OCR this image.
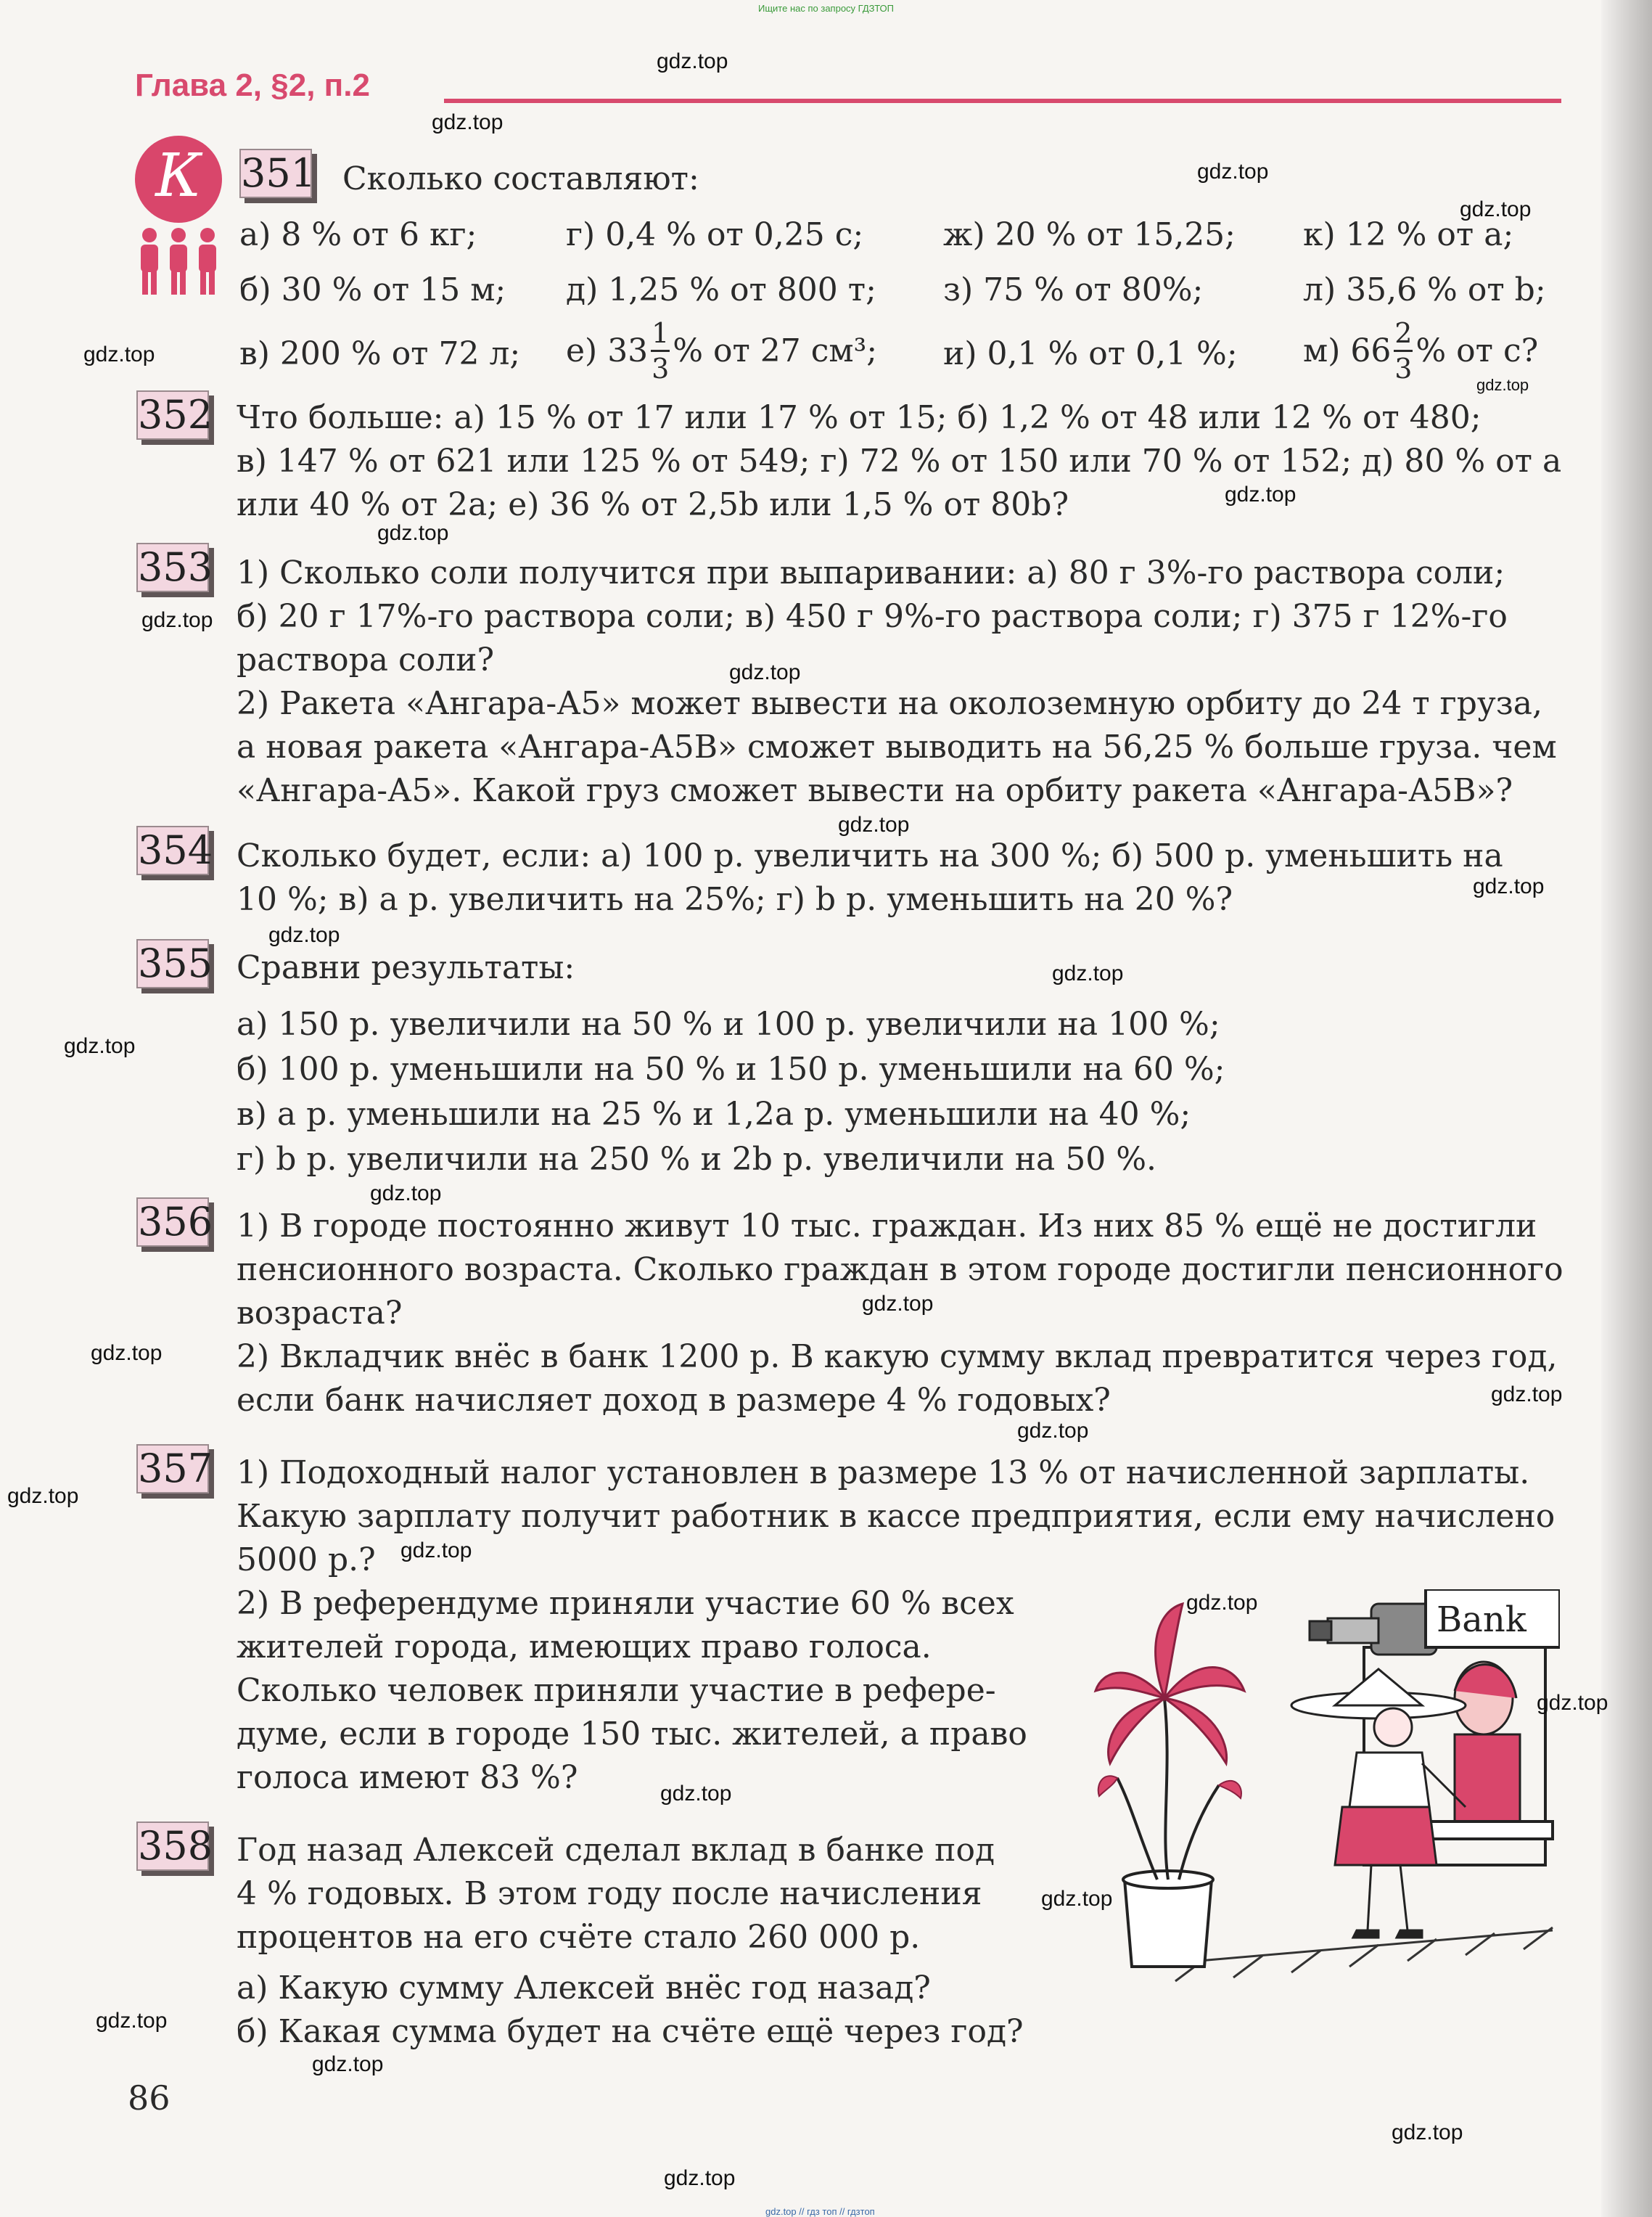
Ищите нас по запросу ГДЗТОП
Глава 2, §2, п.2
К	351 Сколько составляют:
а) 8 % от 6 кг;	г) 0,4 % от 0,25 с; ж) 20 % от 15,25; к) 12 % от a;
б) 30 % от 15 м; д) 1,25 % от 800 т; з) 75 % от 80%;	л) 35,6 % от b;
в) 200 % от 72 л; е) $33 \frac{1}{3}$ % от 27 см³; и) 0,1 % от 0,1 %; м) $66 \frac{2}{3}$ % от c?
352 Что больше: а) 15 % от 17 или 17 % от 15; б) 1,2 % от 48 или 12 % от 480;
в) 147 % от 621 или 125 % от 549; г) 72 % от 150 или 70 % от 152; д) 80 % от a
или 40 % от 2a; е) 36 % от 2,5b или 1,5 % от 80b?
353 1) Сколько соли получится при выпаривании: а) 80 г 3%-го раствора соли;
б) 20 г 17%-го раствора соли; в) 450 г 9%-го раствора соли; г) 375 г 12%-го
раствора соли?
2) Ракета «Ангара-А5» может вывести на околоземную орбиту до 24 т груза,
а новая ракета «Ангара-А5В» сможет выводить на 56,25 % больше груза. чем
«Ангара-А5». Какой груз сможет вывести на орбиту ракета «Ангара-А5В»?
354 Сколько будет, если: а) 100 р. увеличить на 300 %; б) 500 р. уменьшить на
10 %; в) a р. увеличить на 25%; г) b р. уменьшить на 20 %?
355 Сравни результаты:
а) 150 р. увеличили на 50 % и 100 р. увеличили на 100 %;
б) 100 р. уменьшили на 50 % и 150 р. уменьшили на 60 %;
в) a р. уменьшили на 25 % и 1,2a р. уменьшили на 40 %;
г) b р. увеличили на 250 % и 2b р. увеличили на 50 %.
356 1) В городе постоянно живут 10 тыс. граждан. Из них 85 % ещё не достигли
пенсионного возраста. Сколько граждан в этом городе достигли пенсионного
возраста?
2) Вкладчик внёс в банк 1200 р. В какую сумму вклад превратится через год,
если банк начисляет доход в размере 4 % годовых?
357 1) Подоходный налог установлен в размере 13 % от начисленной зарплаты.
Какую зарплату получит работник в кассе предприятия, если ему начислено
5000 р.?
2) В референдуме приняли участие 60 % всех
жителей города, имеющих право голоса.
Сколько человек приняли участие в рефере-
думе, если в городе 150 тыс. жителей, а право
голоса имеют 83 %?
358 Год назад Алексей сделал вклад в банке под
4 % годовых. В этом году после начисления
процентов на его счёте стало 260 000 р.
а) Какую сумму Алексей внёс год назад?
б) Какая сумма будет на счёте ещё через год?
86
Bank
gdz.top
gdz.top
gdz.top
gdz.top
gdz.top
gdz.top
gdz.top
gdz.top
gdz.top
gdz.top
gdz.top
gdz.top
gdz.top
gdz.top
gdz.top
gdz.top
gdz.top
gdz.top
gdz.top
gdz.top
gdz.top
gdz.top
gdz.top
gdz.top
gdz.top
gdz.top
gdz.top
gdz.top
gdz.top
gdz.top
gdz.top // гдз топ // гдзтоп
